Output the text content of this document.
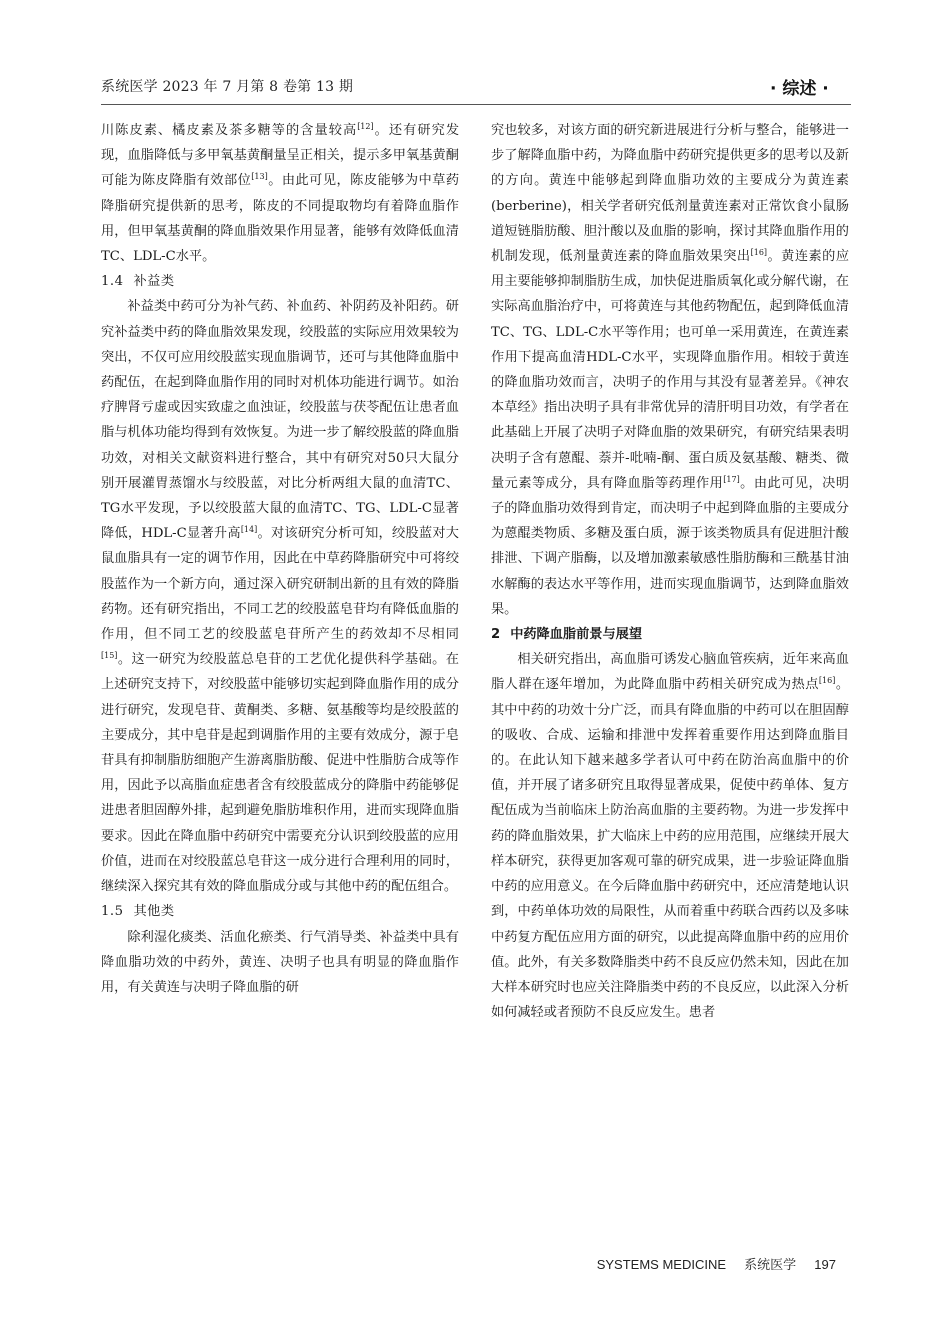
系统医学 2023 年 7 月第 8 卷第 13 期	· 综述 ·

川陈皮素、橘皮素及茶多糖等的含量较高[12]。还有研究发现，血脂降低与多甲氧基黄酮量呈正相关，提示多甲氧基黄酮可能为陈皮降脂有效部位[13]。由此可见，陈皮能够为中草药降脂研究提供新的思考，陈皮的不同提取物均有着降血脂作用，但甲氧基黄酮的降血脂效果作用显著，能够有效降低血清TC、LDL-C水平。

1.4 补益类

补益类中药可分为补气药、补血药、补阴药及补阳药。研究补益类中药的降血脂效果发现，绞股蓝的实际应用效果较为突出，不仅可应用绞股蓝实现血脂调节，还可与其他降血脂中药配伍，在起到降血脂作用的同时对机体功能进行调节。如治疗脾肾亏虚或因实致虚之血浊证，绞股蓝与茯苓配伍让患者血脂与机体功能均得到有效恢复。为进一步了解绞股蓝的降血脂功效，对相关文献资料进行整合，其中有研究对50只大鼠分别开展灌胃蒸馏水与绞股蓝，对比分析两组大鼠的血清TC、TG水平发现，予以绞股蓝大鼠的血清TC、TG、LDL-C显著降低，HDL-C显著升高[14]。对该研究分析可知，绞股蓝对大鼠血脂具有一定的调节作用，因此在中草药降脂研究中可将绞股蓝作为一个新方向，通过深入研究研制出新的且有效的降脂药物。还有研究指出，不同工艺的绞股蓝皂苷均有降低血脂的作用，但不同工艺的绞股蓝皂苷所产生的药效却不尽相同[15]。这一研究为绞股蓝总皂苷的工艺优化提供科学基础。在上述研究支持下，对绞股蓝中能够切实起到降血脂作用的成分进行研究，发现皂苷、黄酮类、多糖、氨基酸等均是绞股蓝的主要成分，其中皂苷是起到调脂作用的主要有效成分，源于皂苷具有抑制脂肪细胞产生游离脂肪酸、促进中性脂肪合成等作用，因此予以高脂血症患者含有绞股蓝成分的降脂中药能够促进患者胆固醇外排，起到避免脂肪堆积作用，进而实现降血脂要求。因此在降血脂中药研究中需要充分认识到绞股蓝的应用价值，进而在对绞股蓝总皂苷这一成分进行合理利用的同时，继续深入探究其有效的降血脂成分或与其他中药的配伍组合。

1.5 其他类

除利湿化痰类、活血化瘀类、行气消导类、补益类中具有降血脂功效的中药外，黄连、决明子也具有明显的降血脂作用，有关黄连与决明子降血脂的研

究也较多，对该方面的研究新进展进行分析与整合，能够进一步了解降血脂中药，为降血脂中药研究提供更多的思考以及新的方向。黄连中能够起到降血脂功效的主要成分为黄连素(berberine)，相关学者研究低剂量黄连素对正常饮食小鼠肠道短链脂肪酸、胆汁酸以及血脂的影响，探讨其降血脂作用的机制发现，低剂量黄连素的降血脂效果突出[16]。黄连素的应用主要能够抑制脂肪生成，加快促进脂质氧化或分解代谢，在实际高血脂治疗中，可将黄连与其他药物配伍，起到降低血清TC、TG、LDL-C水平等作用；也可单一采用黄连，在黄连素作用下提高血清HDL-C水平，实现降血脂作用。相较于黄连的降血脂功效而言，决明子的作用与其没有显著差异。《神农本草经》指出决明子具有非常优异的清肝明目功效，有学者在此基础上开展了决明子对降血脂的效果研究，有研究结果表明决明子含有蒽醌、萘并-吡喃-酮、蛋白质及氨基酸、糖类、微量元素等成分，具有降血脂等药理作用[17]。由此可见，决明子的降血脂功效得到肯定，而决明子中起到降血脂的主要成分为蒽醌类物质、多糖及蛋白质，源于该类物质具有促进胆汁酸排泄、下调产脂酶，以及增加激素敏感性脂肪酶和三酰基甘油水解酶的表达水平等作用，进而实现血脂调节，达到降血脂效果。

2 中药降血脂前景与展望

相关研究指出，高血脂可诱发心脑血管疾病，近年来高血脂人群在逐年增加，为此降血脂中药相关研究成为热点[16]。其中中药的功效十分广泛，而具有降血脂的中药可以在胆固醇的吸收、合成、运输和排泄中发挥着重要作用达到降血脂目的。在此认知下越来越多学者认可中药在防治高血脂中的价值，并开展了诸多研究且取得显著成果，促使中药单体、复方配伍成为当前临床上防治高血脂的主要药物。为进一步发挥中药的降血脂效果，扩大临床上中药的应用范围，应继续开展大样本研究，获得更加客观可靠的研究成果，进一步验证降血脂中药的应用意义。在今后降血脂中药研究中，还应清楚地认识到，中药单体功效的局限性，从而着重中药联合西药以及多味中药复方配伍应用方面的研究，以此提高降血脂中药的应用价值。此外，有关多数降脂类中药不良反应仍然未知，因此在加大样本研究时也应关注降脂类中药的不良反应，以此深入分析如何减轻或者预防不良反应发生。患者

SYSTEMS MEDICINE 系统医学 197
